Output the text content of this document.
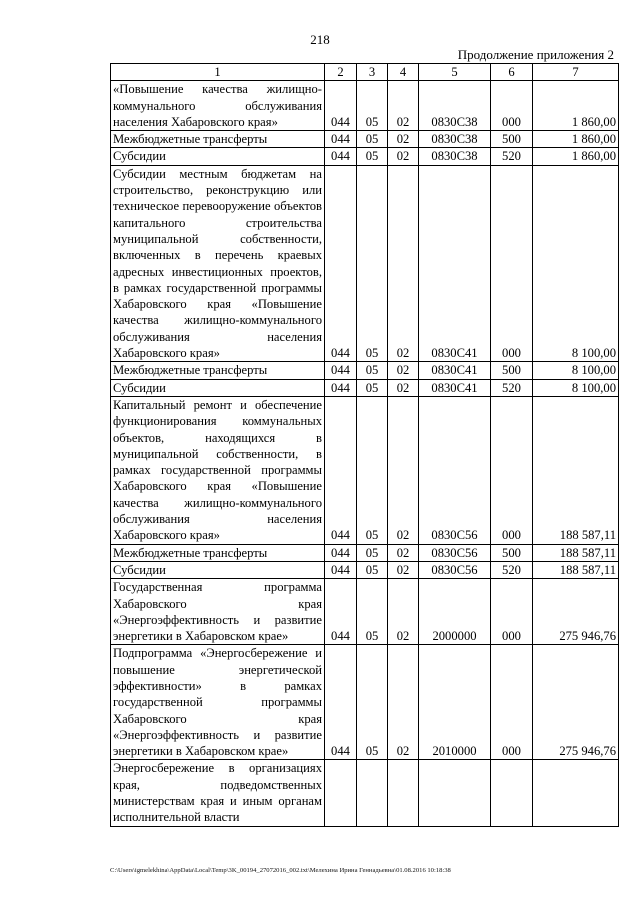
218
Продолжение приложения 2
1	2	3	4	5	6	7
«Повышение качества жилищно-коммунального обслуживания населения Хабаровского края»	044	05	02	0830С38	000	1 860,00
Межбюджетные трансферты	044	05	02	0830С38	500	1 860,00
Субсидии	044	05	02	0830С38	520	1 860,00
Субсидии местным бюджетам на строительство, реконструкцию или техническое перевооружение объектов капитального строительства муниципальной собственности, включенных в перечень краевых адресных инвестиционных проектов, в рамках государственной программы Хабаровского края «Повышение качества жилищно-коммунального обслуживания населения Хабаровского края»	044	05	02	0830С41	000	8 100,00
Межбюджетные трансферты	044	05	02	0830С41	500	8 100,00
Субсидии	044	05	02	0830С41	520	8 100,00
Капитальный ремонт и обеспечение функционирования коммунальных объектов, находящихся в муниципальной собственности, в рамках государственной программы Хабаровского края «Повышение качества жилищно-коммунального обслуживания населения Хабаровского края»	044	05	02	0830С56	000	188 587,11
Межбюджетные трансферты	044	05	02	0830С56	500	188 587,11
Субсидии	044	05	02	0830С56	520	188 587,11
Государственная программа Хабаровского края «Энергоэффективность и развитие энергетики в Хабаровском крае»	044	05	02	2000000	000	275 946,76
Подпрограмма «Энергосбережение и повышение энергетической эффективности» в рамках государственной программы Хабаровского края «Энергоэффективность и развитие энергетики в Хабаровском крае»	044	05	02	2010000	000	275 946,76
Энергосбережение в организациях края, подведомственных министерствам края и иным органам исполнительной власти						
C:\Users\igmelekhina\AppData\Local\Temp\3K_00194_27072016_002.txt\Мелехина Ирина Геннадьевна\01.08.2016 10:18:38
